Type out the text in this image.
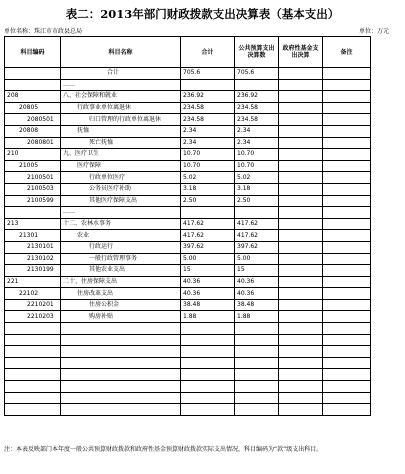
表二：2013年部门财政拨款支出决算表（基本支出）
单位名称：珠江市市政县总局	单位：万元
科目编码	科目名称	合计	公共预算支出决算数	政府性基金支出决算	备注
	合计	705.6	705.6		
	……				
208	八、社会保障和就业	236.92	236.92		
20805	行政事业单位离退休	234.58	234.58		
2080501	归口管理的行政单位离退休	234.58	234.58		
20808	抚恤	2.34	2.34		
2080801	死亡抚恤	2.34	2.34		
210	九、医疗卫生	10.70	10.70		
21005	医疗保障	10.70	10.70		
2100501	行政单位医疗	5.02	5.02		
2100503	公务员医疗补助	3.18	3.18		
2100599	其他医疗保障支出	2.50	2.50		
	……				
213	十二、农林水事务	417.62	417.62		
21301	农业	417.62	417.62		
2130101	行政运行	397.62	397.62		
2130102	一般行政管理事务	5.00	5.00		
2130199	其他农业支出	15	15		
221	二十、住房保障支出	40.36	40.36		
22102	住房改革支出	40.36	40.36		
2210201	住房公积金	38.48	38.48		
2210203	购房补贴	1.88	1.88		

注：本表反映部门本年度一般公共预算财政拨款和政府性基金预算财政拨款实际支出情况，科目编码为“款”级支出科目。
